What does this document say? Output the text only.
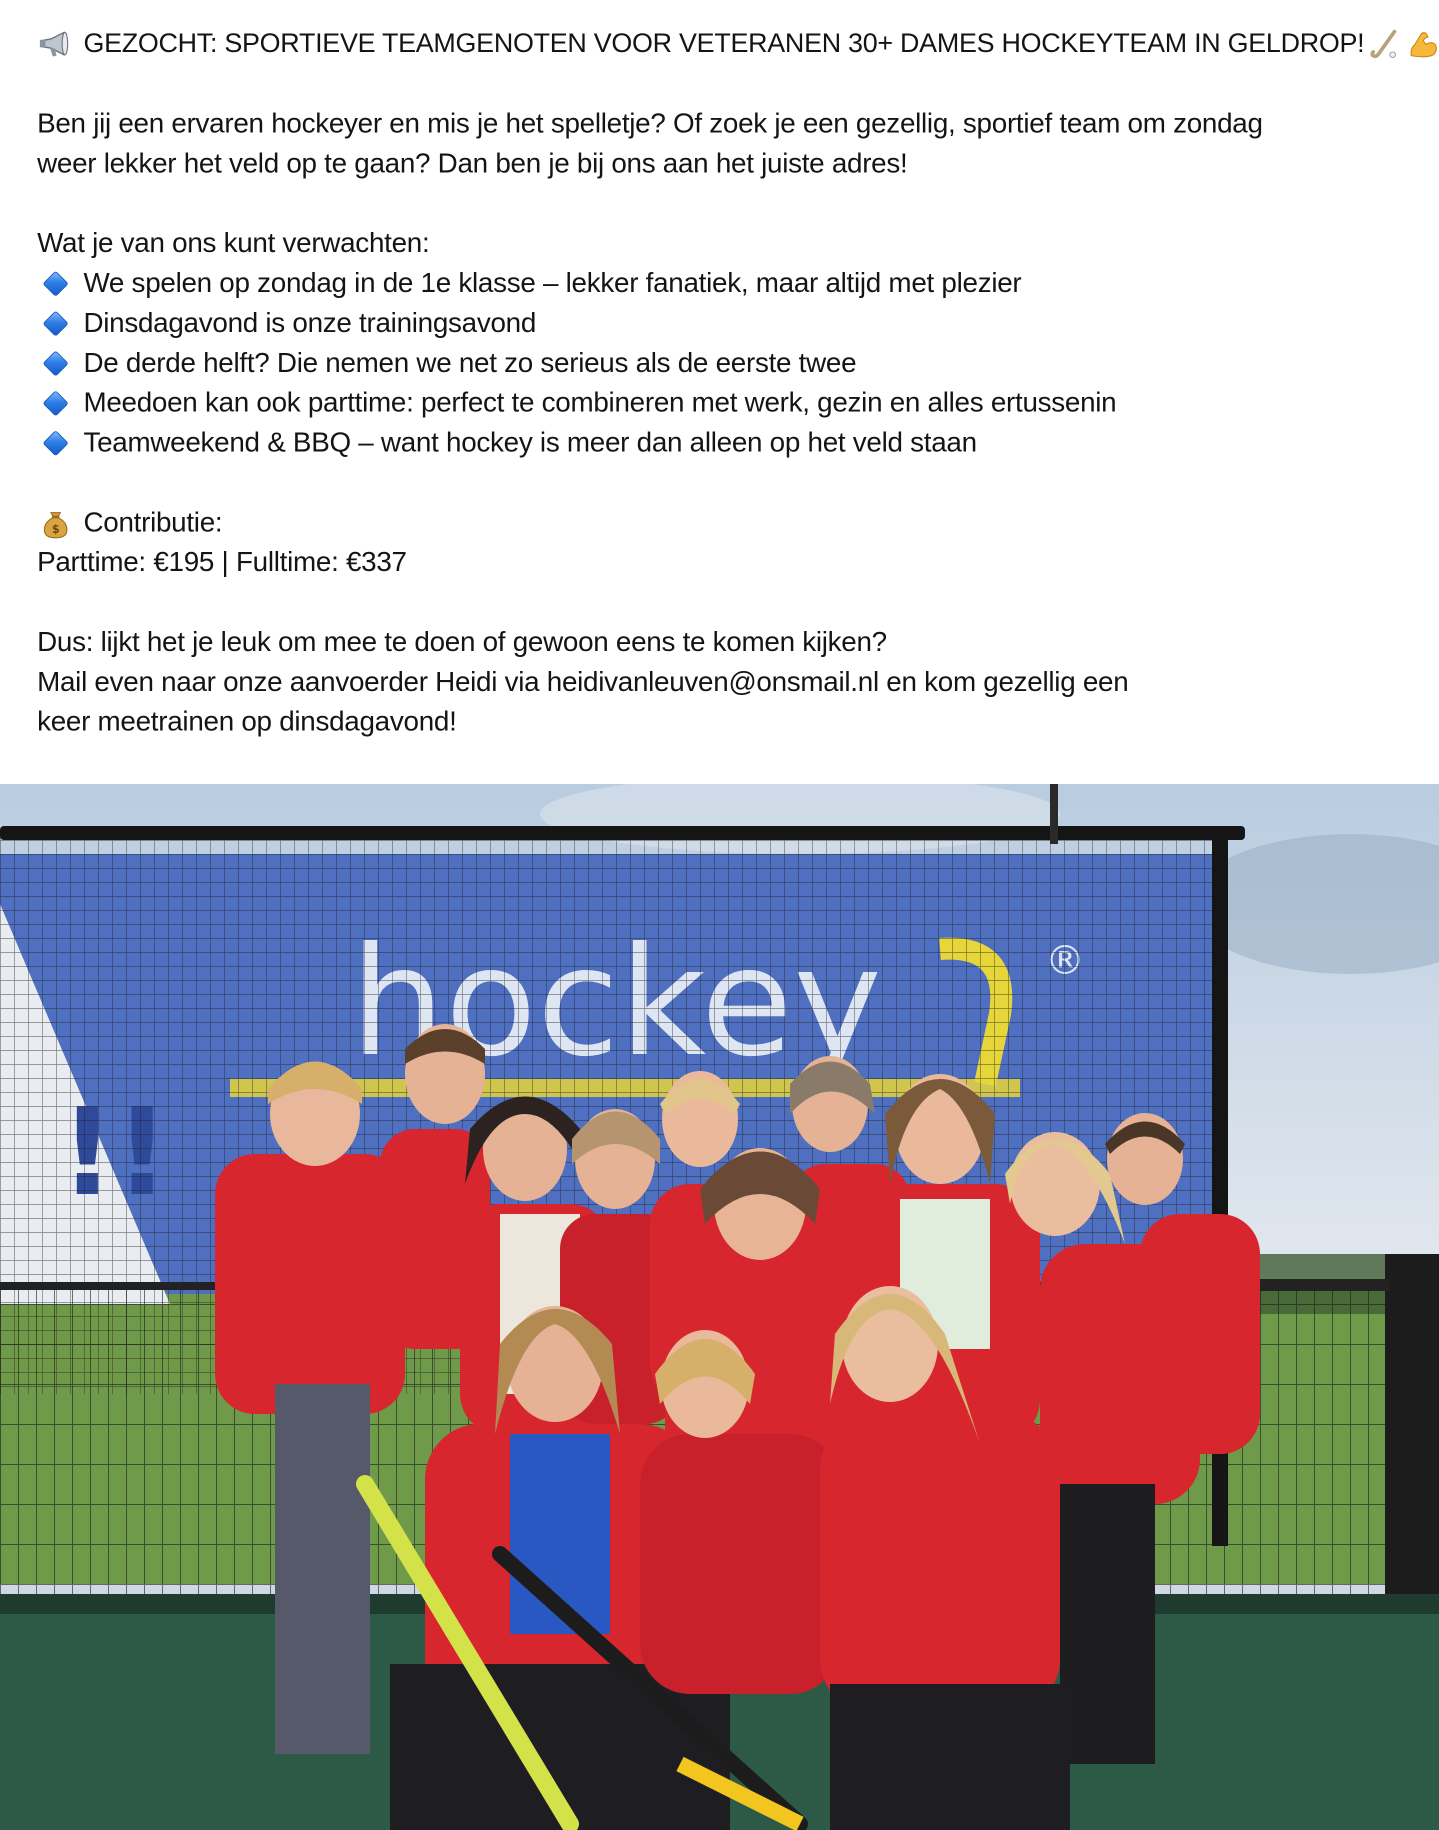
GEZOCHT: SPORTIEVE TEAMGENOTEN VOOR VETERANEN 30+ DAMES HOCKEYTEAM IN GELDROP!
Ben jij een ervaren hockeyer en mis je het spelletje? Of zoek je een gezellig, sportief team om zondag weer lekker het veld op te gaan? Dan ben je bij ons aan het juiste adres!
Wat je van ons kunt verwachten:
We spelen op zondag in de 1e klasse – lekker fanatiek, maar altijd met plezier
Dinsdagavond is onze trainingsavond
De derde helft? Die nemen we net zo serieus als de eerste twee
Meedoen kan ook parttime: perfect te combineren met werk, gezin en alles ertussenin
Teamweekend & BBQ – want hockey is meer dan alleen op het veld staan
$ Contributie:
Parttime: €195 | Fulltime: €337
Dus: lijkt het je leuk om mee te doen of gewoon eens te komen kijken?
Mail even naar onze aanvoerder Heidi via heidivanleuven@onsmail.nl en kom gezellig een keer meetrainen op dinsdagavond!
